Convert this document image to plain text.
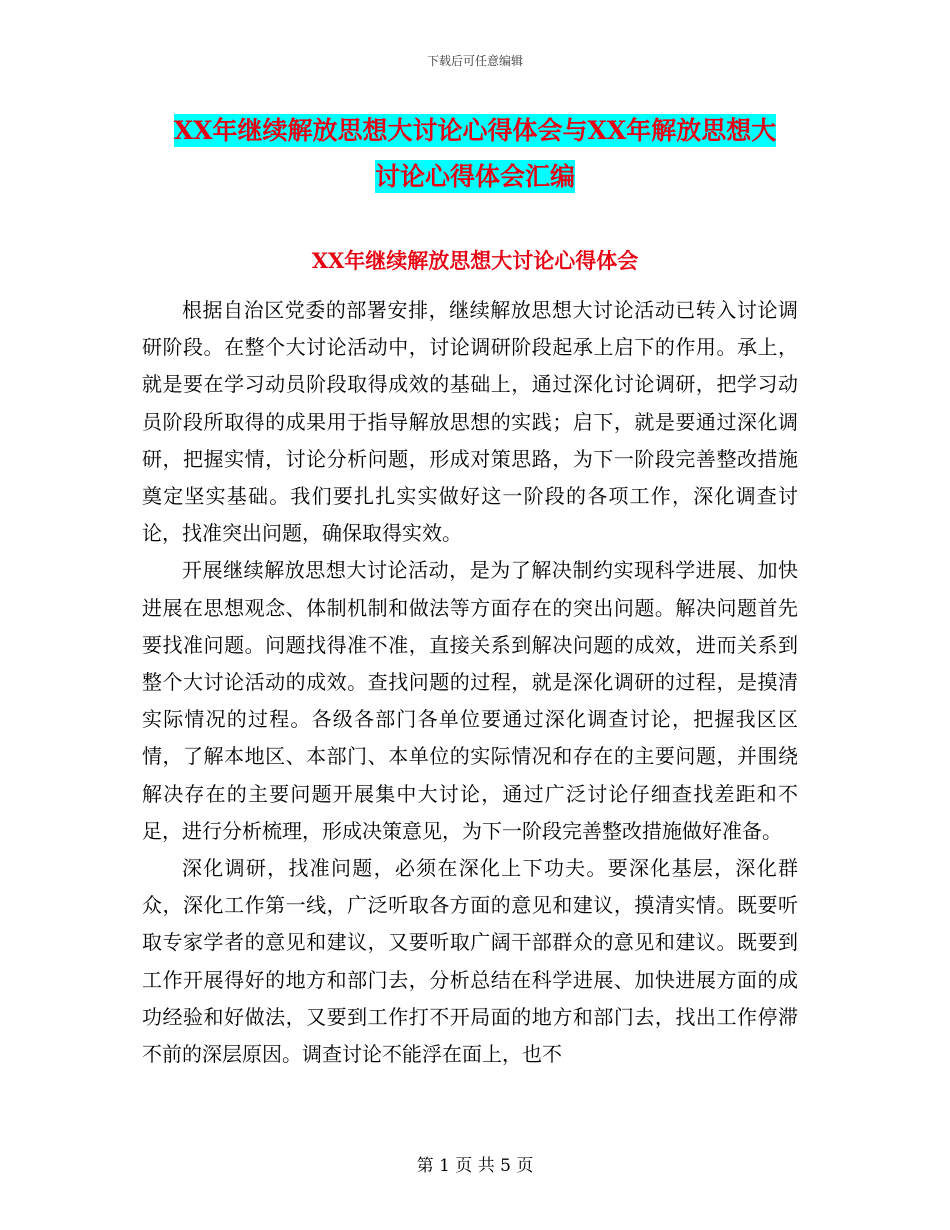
下载后可任意编辑
XX年继续解放思想大讨论心得体会与XX年解放思想大
讨论心得体会汇编
XX年继续解放思想大讨论心得体会

根据自治区党委的部署安排，继续解放思想大讨论活动已转入讨论调研阶段。在整个大讨论活动中，讨论调研阶段起承上启下的作用。承上，就是要在学习动员阶段取得成效的基础上，通过深化讨论调研，把学习动员阶段所取得的成果用于指导解放思想的实践；启下，就是要通过深化调研，把握实情，讨论分析问题，形成对策思路，为下一阶段完善整改措施奠定坚实基础。我们要扎扎实实做好这一阶段的各项工作，深化调查讨论，找准突出问题，确保取得实效。

开展继续解放思想大讨论活动，是为了解决制约实现科学进展、加快进展在思想观念、体制机制和做法等方面存在的突出问题。解决问题首先要找准问题。问题找得准不准，直接关系到解决问题的成效，进而关系到整个大讨论活动的成效。查找问题的过程，就是深化调研的过程，是摸清实际情况的过程。各级各部门各单位要通过深化调查讨论，把握我区区情，了解本地区、本部门、本单位的实际情况和存在的主要问题，并围绕解决存在的主要问题开展集中大讨论，通过广泛讨论仔细查找差距和不足，进行分析梳理，形成决策意见，为下一阶段完善整改措施做好准备。

深化调研，找准问题，必须在深化上下功夫。要深化基层，深化群众，深化工作第一线，广泛听取各方面的意见和建议，摸清实情。既要听取专家学者的意见和建议，又要听取广阔干部群众的意见和建议。既要到工作开展得好的地方和部门去，分析总结在科学进展、加快进展方面的成功经验和好做法，又要到工作打不开局面的地方和部门去，找出工作停滞不前的深层原因。调查讨论不能浮在面上，也不

第 1 页 共 5 页
